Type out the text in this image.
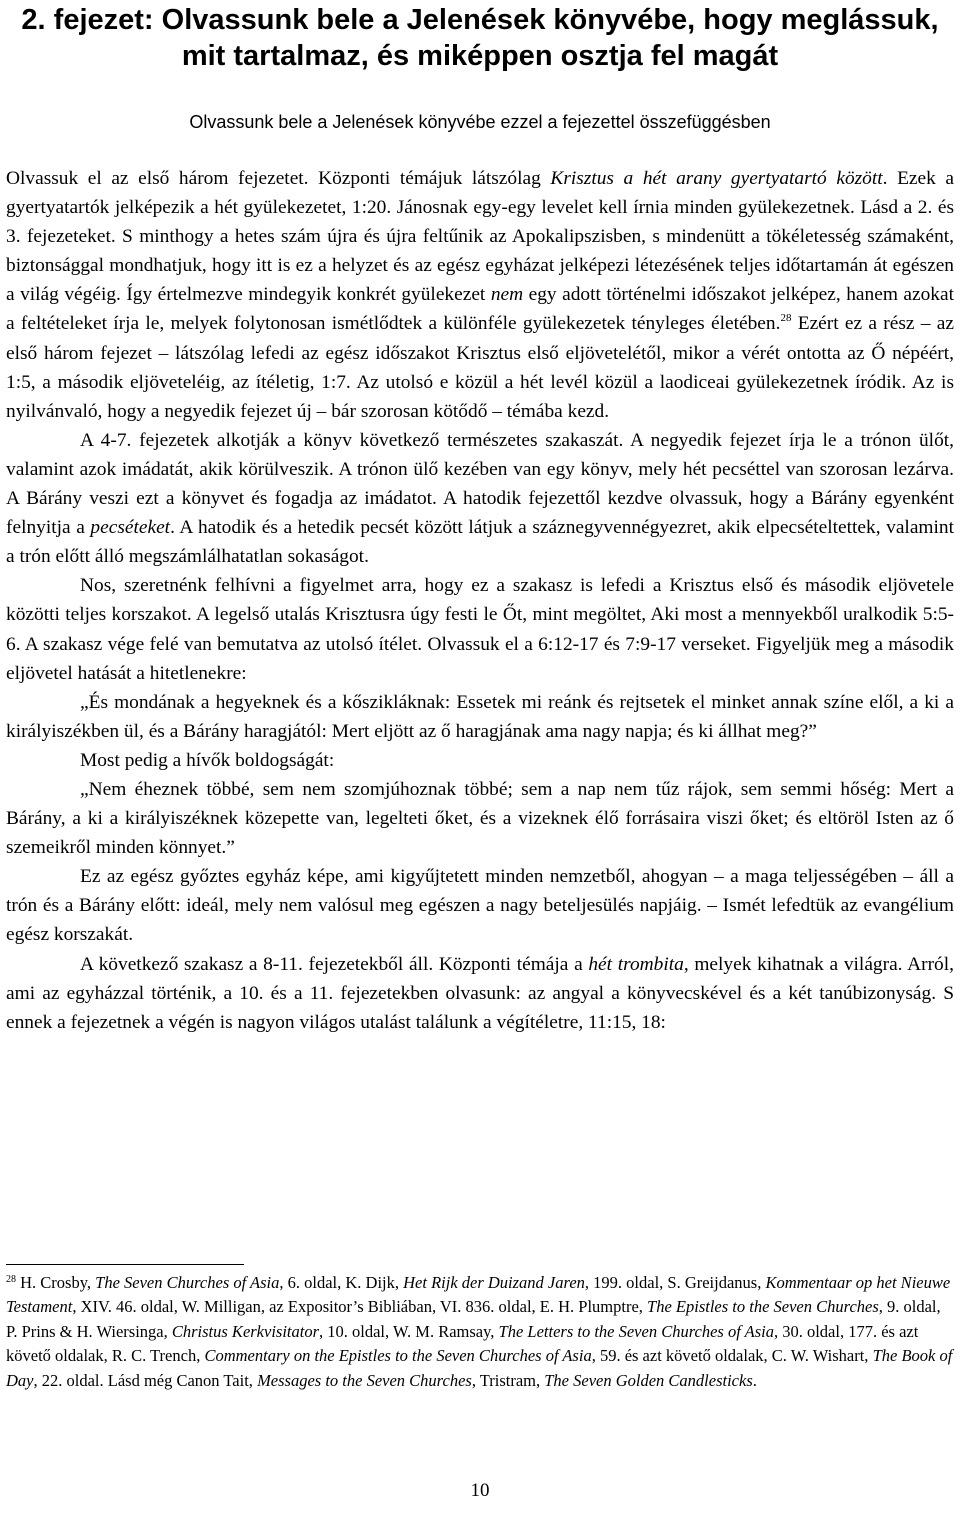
2. fejezet: Olvassunk bele a Jelenések könyvébe, hogy meglássuk, mit tartalmaz, és miképpen osztja fel magát

Olvassunk bele a Jelenések könyvébe ezzel a fejezettel összefüggésben

Olvassuk el az első három fejezetet. Központi témájuk látszólag Krisztus a hét arany gyertyatartó között. Ezek a gyertyatartók jelképezik a hét gyülekezetet, 1:20. Jánosnak egy-egy levelet kell írnia minden gyülekezetnek. Lásd a 2. és 3. fejezeteket. S minthogy a hetes szám újra és újra feltűnik az Apokalipszisben, s mindenütt a tökéletesség számaként, biztonsággal mondhatjuk, hogy itt is ez a helyzet és az egész egyházat jelképezi létezésének teljes időtartamán át egészen a világ végéig. Így értelmezve mindegyik konkrét gyülekezet nem egy adott történelmi időszakot jelképez, hanem azokat a feltételeket írja le, melyek folytonosan ismétlődtek a különféle gyülekezetek tényleges életében.$^{28}$ Ezért ez a rész – az első három fejezet – látszólag lefedi az egész időszakot Krisztus első eljövetelétől, mikor a vérét ontotta az Ő népéért, 1:5, a második eljöveteléig, az ítéletig, 1:7. Az utolsó e közül a hét levél közül a laodiceai gyülekezetnek íródik. Az is nyilvánvaló, hogy a negyedik fejezet új – bár szorosan kötődő – témába kezd.

A 4-7. fejezetek alkotják a könyv következő természetes szakaszát. A negyedik fejezet írja le a trónon ülőt, valamint azok imádatát, akik körülveszik. A trónon ülő kezében van egy könyv, mely hét pecséttel van szorosan lezárva. A Bárány veszi ezt a könyvet és fogadja az imádatot. A hatodik fejezettől kezdve olvassuk, hogy a Bárány egyenként felnyitja a pecséteket. A hatodik és a hetedik pecsét között látjuk a száznegyvennégyezret, akik elpecsételtettek, valamint a trón előtt álló megszámlálhatatlan sokaságot.

Nos, szeretnénk felhívni a figyelmet arra, hogy ez a szakasz is lefedi a Krisztus első és második eljövetele közötti teljes korszakot. A legelső utalás Krisztusra úgy festi le Őt, mint megöltet, Aki most a mennyekből uralkodik 5:5-6. A szakasz vége felé van bemutatva az utolsó ítélet. Olvassuk el a 6:12-17 és 7:9-17 verseket. Figyeljük meg a második eljövetel hatását a hitetlenekre:

„És mondának a hegyeknek és a kőszikláknak: Essetek mi reánk és rejtsetek el minket annak színe elől, a ki a királyiszékben ül, és a Bárány haragjától: Mert eljött az ő haragjának ama nagy napja; és ki állhat meg?”

Most pedig a hívők boldogságát:

„Nem éheznek többé, sem nem szomjúhoznak többé; sem a nap nem tűz rájok, sem semmi hőség: Mert a Bárány, a ki a királyiszéknek közepette van, legelteti őket, és a vizeknek élő forrásaira viszi őket; és eltöröl Isten az ő szemeikről minden könnyet.”

Ez az egész győztes egyház képe, ami kigyűjtetett minden nemzetből, ahogyan – a maga teljességében – áll a trón és a Bárány előtt: ideál, mely nem valósul meg egészen a nagy beteljesülés napjáig. – Ismét lefedtük az evangélium egész korszakát.

A következő szakasz a 8-11. fejezetekből áll. Központi témája a hét trombita, melyek kihatnak a világra. Arról, ami az egyházzal történik, a 10. és a 11. fejezetekben olvasunk: az angyal a könyvecskével és a két tanúbizonyság. S ennek a fejezetnek a végén is nagyon világos utalást találunk a végítéletre, 11:15, 18:

$^{28}$ H. Crosby, The Seven Churches of Asia, 6. oldal, K. Dijk, Het Rijk der Duizand Jaren, 199. oldal, S. Greijdanus, Kommentaar op het Nieuwe Testament, XIV. 46. oldal, W. Milligan, az Expositor’s Bibliában, VI. 836. oldal, E. H. Plumptre, The Epistles to the Seven Churches, 9. oldal, P. Prins & H. Wiersinga, Christus Kerkvisitator, 10. oldal, W. M. Ramsay, The Letters to the Seven Churches of Asia, 30. oldal, 177. és azt követő oldalak, R. C. Trench, Commentary on the Epistles to the Seven Churches of Asia, 59. és azt követő oldalak, C. W. Wishart, The Book of Day, 22. oldal. Lásd még Canon Tait, Messages to the Seven Churches, Tristram, The Seven Golden Candlesticks.
10
